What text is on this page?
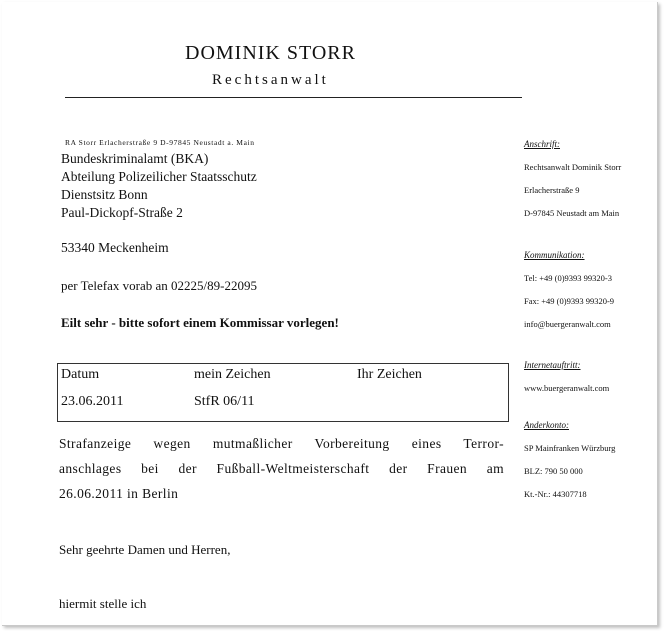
DOMINIK STORR
Rechtsanwalt
RA Storr Erlacherstraße 9 D-97845 Neustadt a. Main
Bundeskriminalamt (BKA)
Abteilung Polizeilicher Staatsschutz
Dienstsitz Bonn
Paul-Dickopf-Straße 2
53340 Meckenheim
per Telefax vorab an 02225/89-22095
Eilt sehr - bitte sofort einem Kommissar vorlegen!
Datum	mein Zeichen	Ihr Zeichen
23.06.2011	StfR 06/11
Strafanzeige wegen mutmaßlicher Vorbereitung eines Terror-
anschlages bei der Fußball-Weltmeisterschaft der Frauen am
26.06.2011 in Berlin
Sehr geehrte Damen und Herren,
hiermit stelle ich
Anschrift:
Rechtsanwalt Dominik Storr
Erlacherstraße 9
D-97845 Neustadt am Main
Kommunikation:
Tel: +49 (0)9393 99320-3
Fax: +49 (0)9393 99320-9
info@buergeranwalt.com
Internetauftritt:
www.buergeranwalt.com
Anderkonto:
SP Mainfranken Würzburg
BLZ: 790 50 000
Kt.-Nr.: 44307718
